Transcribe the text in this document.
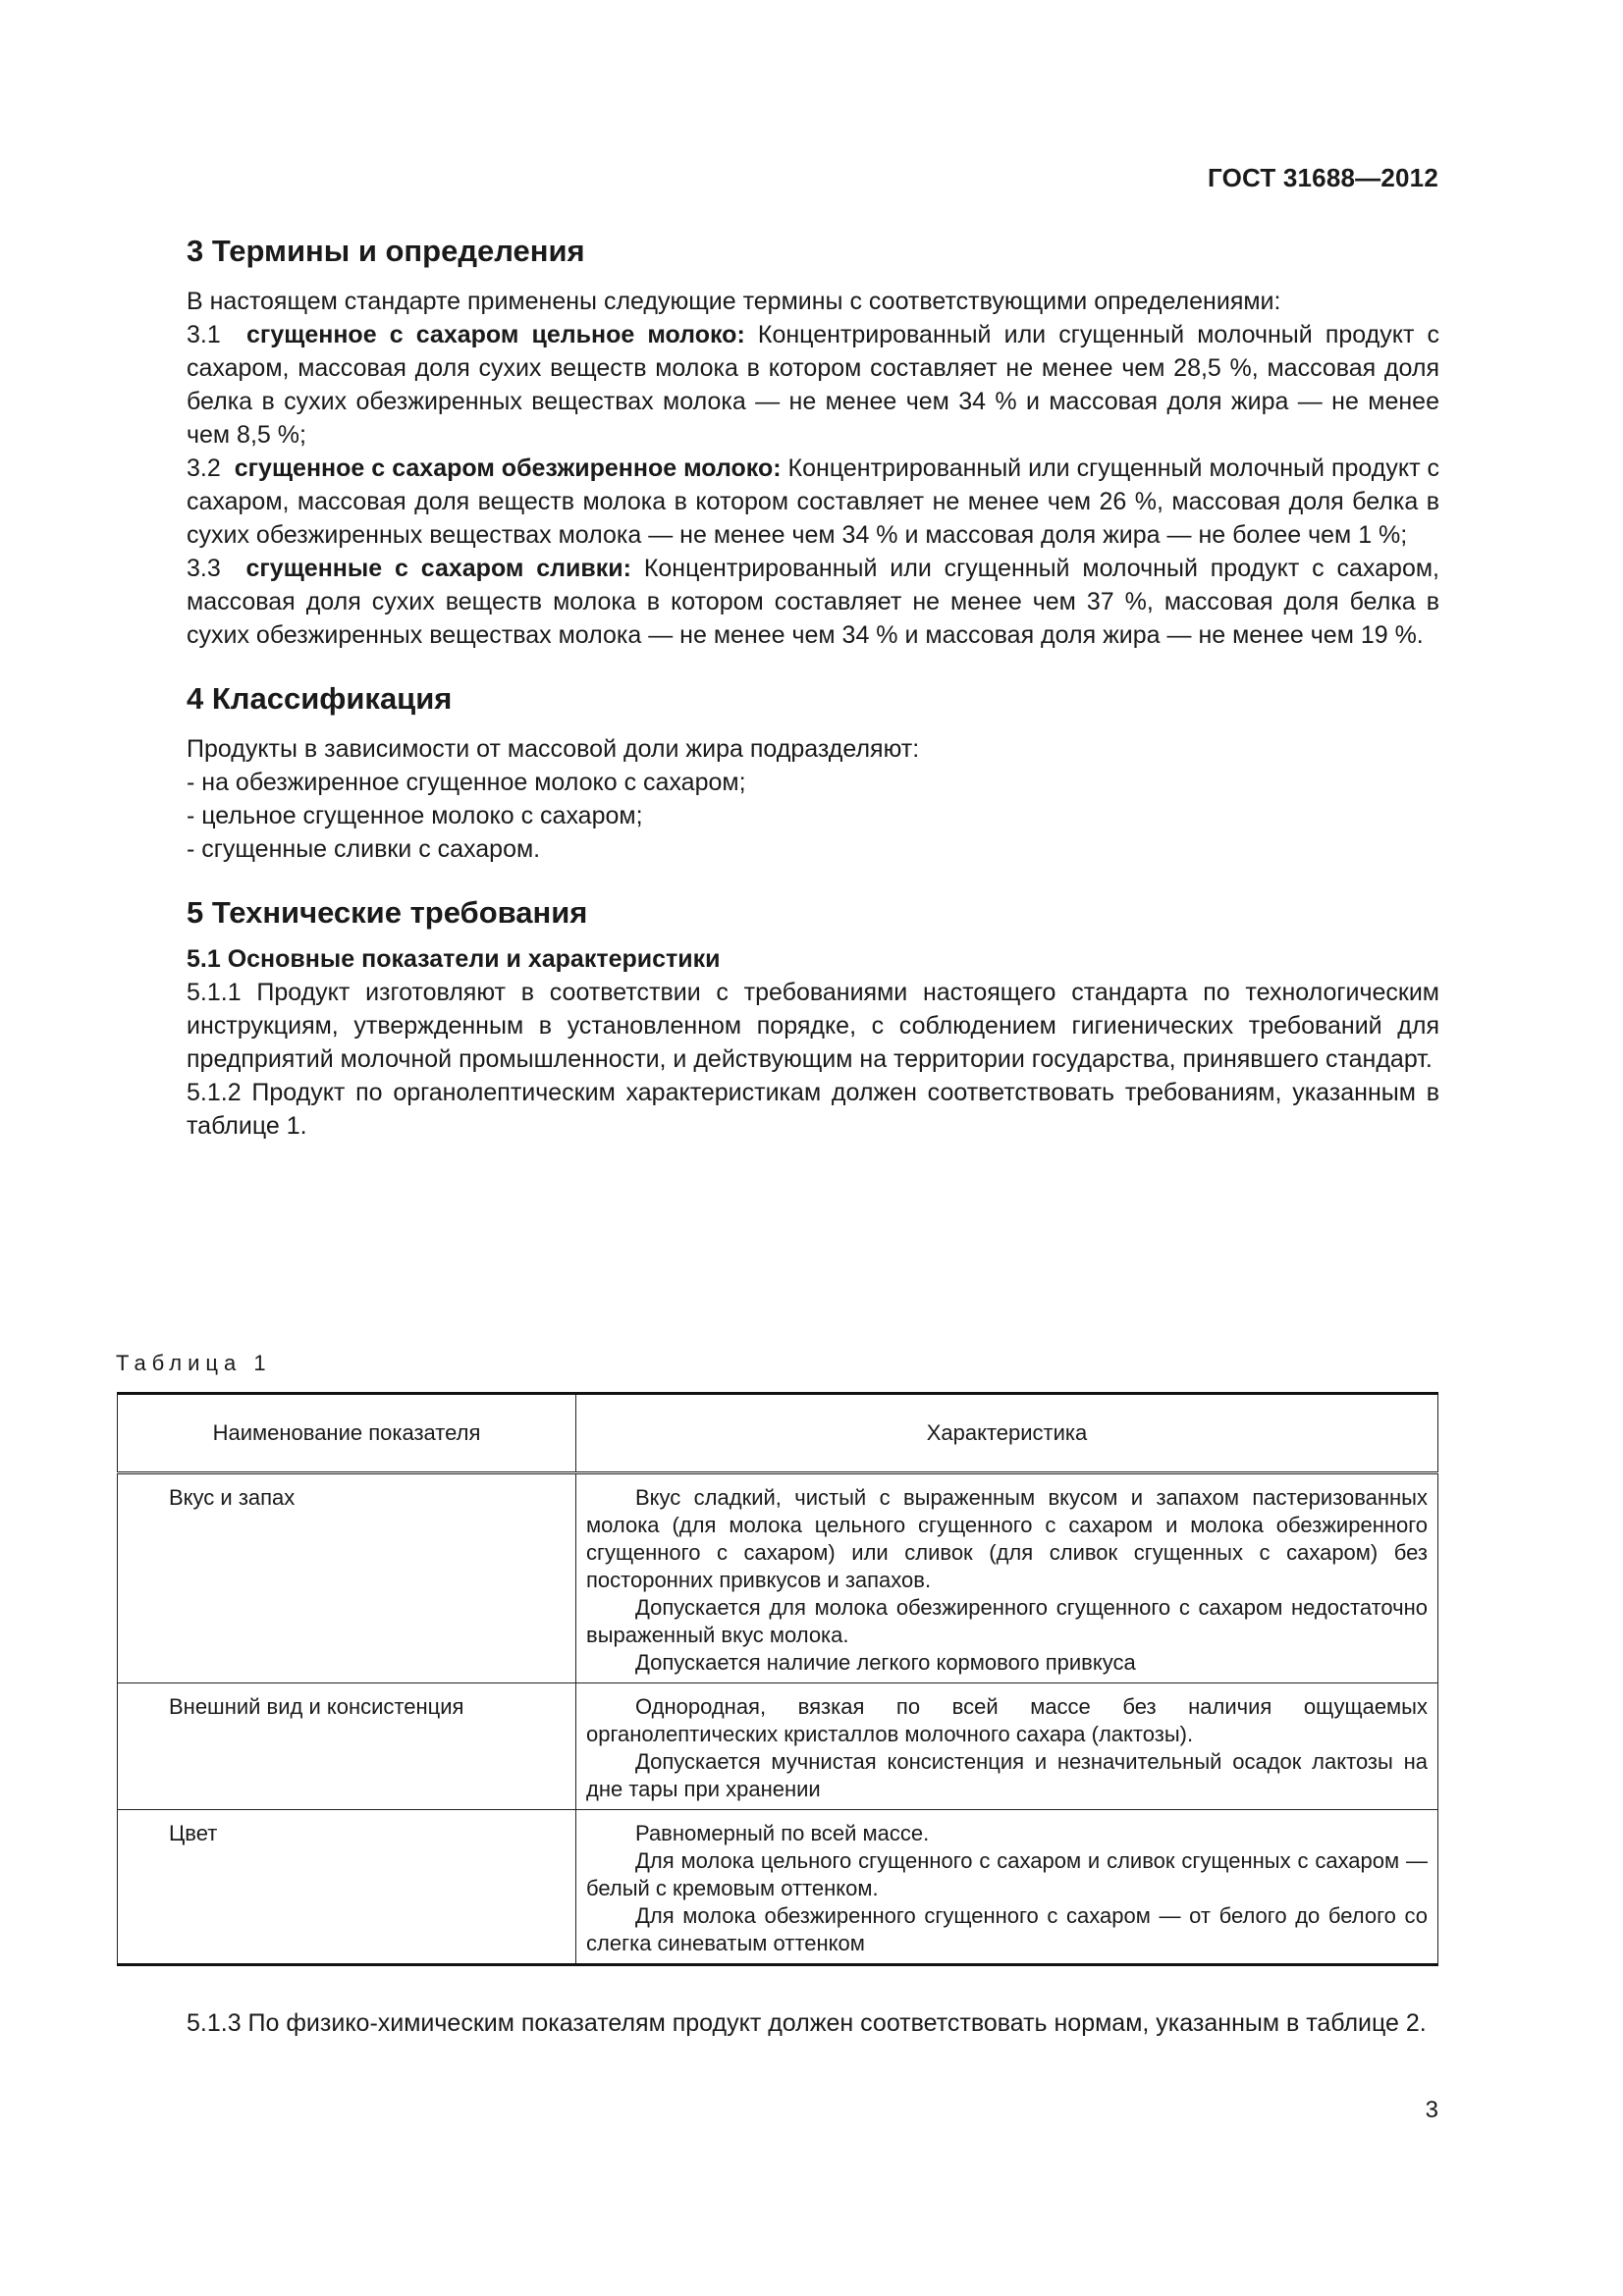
ГОСТ 31688—2012
3 Термины и определения

В настоящем стандарте применены следующие термины с соответствующими определениями:

3.1 сгущенное с сахаром цельное молоко: Концентрированный или сгущенный молочный продукт с сахаром, массовая доля сухих веществ молока в котором составляет не менее чем 28,5 %, массовая доля белка в сухих обезжиренных веществах молока — не менее чем 34 % и массовая доля жира — не менее чем 8,5 %;

3.2 сгущенное с сахаром обезжиренное молоко: Концентрированный или сгущенный молочный продукт с сахаром, массовая доля веществ молока в котором составляет не менее чем 26 %, массовая доля белка в сухих обезжиренных веществах молока — не менее чем 34 % и массовая доля жира — не более чем 1 %;

3.3 сгущенные с сахаром сливки: Концентрированный или сгущенный молочный продукт с сахаром, массовая доля сухих веществ молока в котором составляет не менее чем 37 %, массовая доля белка в сухих обезжиренных веществах молока — не менее чем 34 % и массовая доля жира — не менее чем 19 %.

4 Классификация

Продукты в зависимости от массовой доли жира подразделяют:

- на обезжиренное сгущенное молоко с сахаром;

- цельное сгущенное молоко с сахаром;

- сгущенные сливки с сахаром.

5 Технические требования
5.1 Основные показатели и характеристики

5.1.1 Продукт изготовляют в соответствии с требованиями настоящего стандарта по технологическим инструкциям, утвержденным в установленном порядке, с соблюдением гигиенических требований для предприятий молочной промышленности, и действующим на территории государства, принявшего стандарт.

5.1.2 Продукт по органолептическим характеристикам должен соответствовать требованиям, указанным в таблице 1.

Таблица 1
Наименование показателя	Характеристика
Вкус и запах	Вкус сладкий, чистый с выраженным вкусом и запахом пастеризованных молока (для молока цельного сгущенного с сахаром и молока обезжиренного сгущенного с сахаром) или сливок (для сливок сгущенных с сахаром) без посторонних привкусов и запахов.

Допускается для молока обезжиренного сгущенного с сахаром недостаточно выраженный вкус молока.

Допускается наличие легкого кормового привкуса

Внешний вид и консистенция	Однородная, вязкая по всей массе без наличия ощущаемых органолептических кристаллов молочного сахара (лактозы).

Допускается мучнистая консистенция и незначительный осадок лактозы на дне тары при хранении

Цвет	Равномерный по всей массе.

Для молока цельного сгущенного с сахаром и сливок сгущенных с сахаром — белый с кремовым оттенком.

Для молока обезжиренного сгущенного с сахаром — от белого до белого со слегка синеватым оттенком

5.1.3 По физико-химическим показателям продукт должен соответствовать нормам, указанным в таблице 2.

3
